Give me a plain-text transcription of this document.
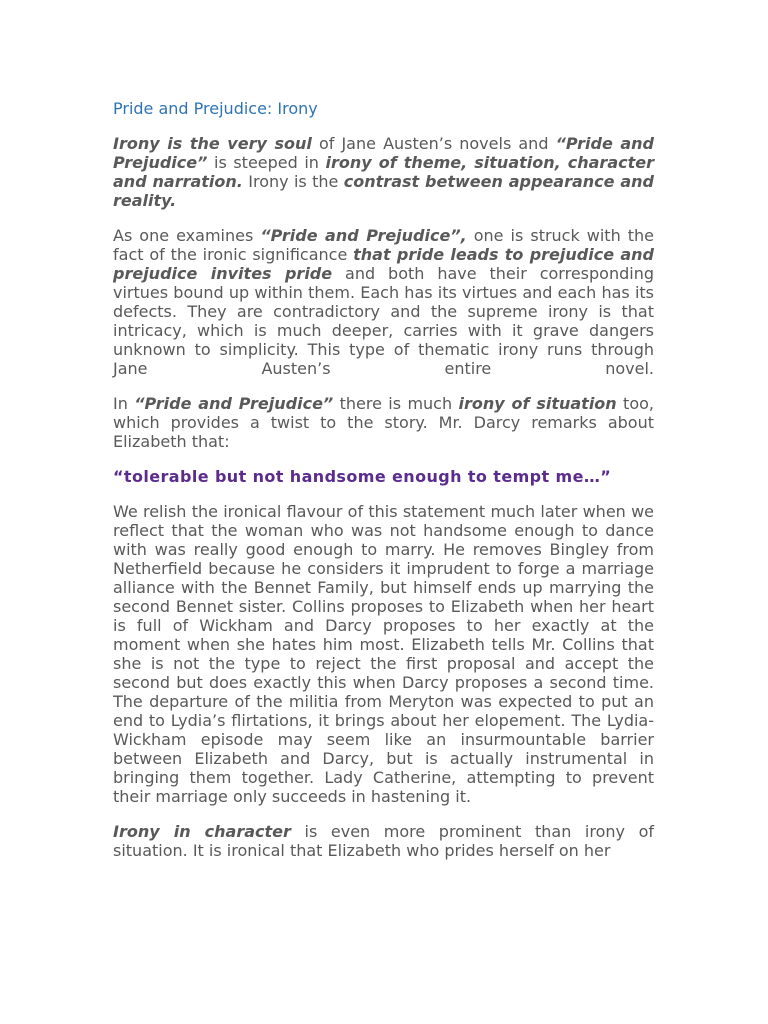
Pride and Prejudice: Irony

Irony is the very soul of Jane Austen’s novels and “Pride and Prejudice” is steeped in irony of theme, situation, character and narration. Irony is the contrast between appearance and reality.

As one examines “Pride and Prejudice”, one is struck with the fact of the ironic significance that pride leads to prejudice and prejudice invites pride and both have their corresponding virtues bound up within them. Each has its virtues and each has its defects. They are contradictory and the supreme irony is that intricacy, which is much deeper, carries with it grave dangers unknown to simplicity. This type of thematic irony runs through Jane Austen’s entire novel.

In “Pride and Prejudice” there is much irony of situation too, which provides a twist to the story. Mr. Darcy remarks about Elizabeth that:

“tolerable but not handsome enough to tempt me…”

We relish the ironical flavour of this statement much later when we reflect that the woman who was not handsome enough to dance with was really good enough to marry. He removes Bingley from Netherfield because he considers it imprudent to forge a marriage alliance with the Bennet Family, but himself ends up marrying the second Bennet sister. Collins proposes to Elizabeth when her heart is full of Wickham and Darcy proposes to her exactly at the moment when she hates him most. Elizabeth tells Mr. Collins that she is not the type to reject the first proposal and accept the second but does exactly this when Darcy proposes a second time. The departure of the militia from Meryton was expected to put an end to Lydia’s flirtations, it brings about her elopement. The Lydia-Wickham episode may seem like an insurmountable barrier between Elizabeth and Darcy, but is actually instrumental in bringing them together. Lady Catherine, attempting to prevent their marriage only succeeds in hastening it.

Irony in character is even more prominent than irony of situation. It is ironical that Elizabeth who prides herself on her
